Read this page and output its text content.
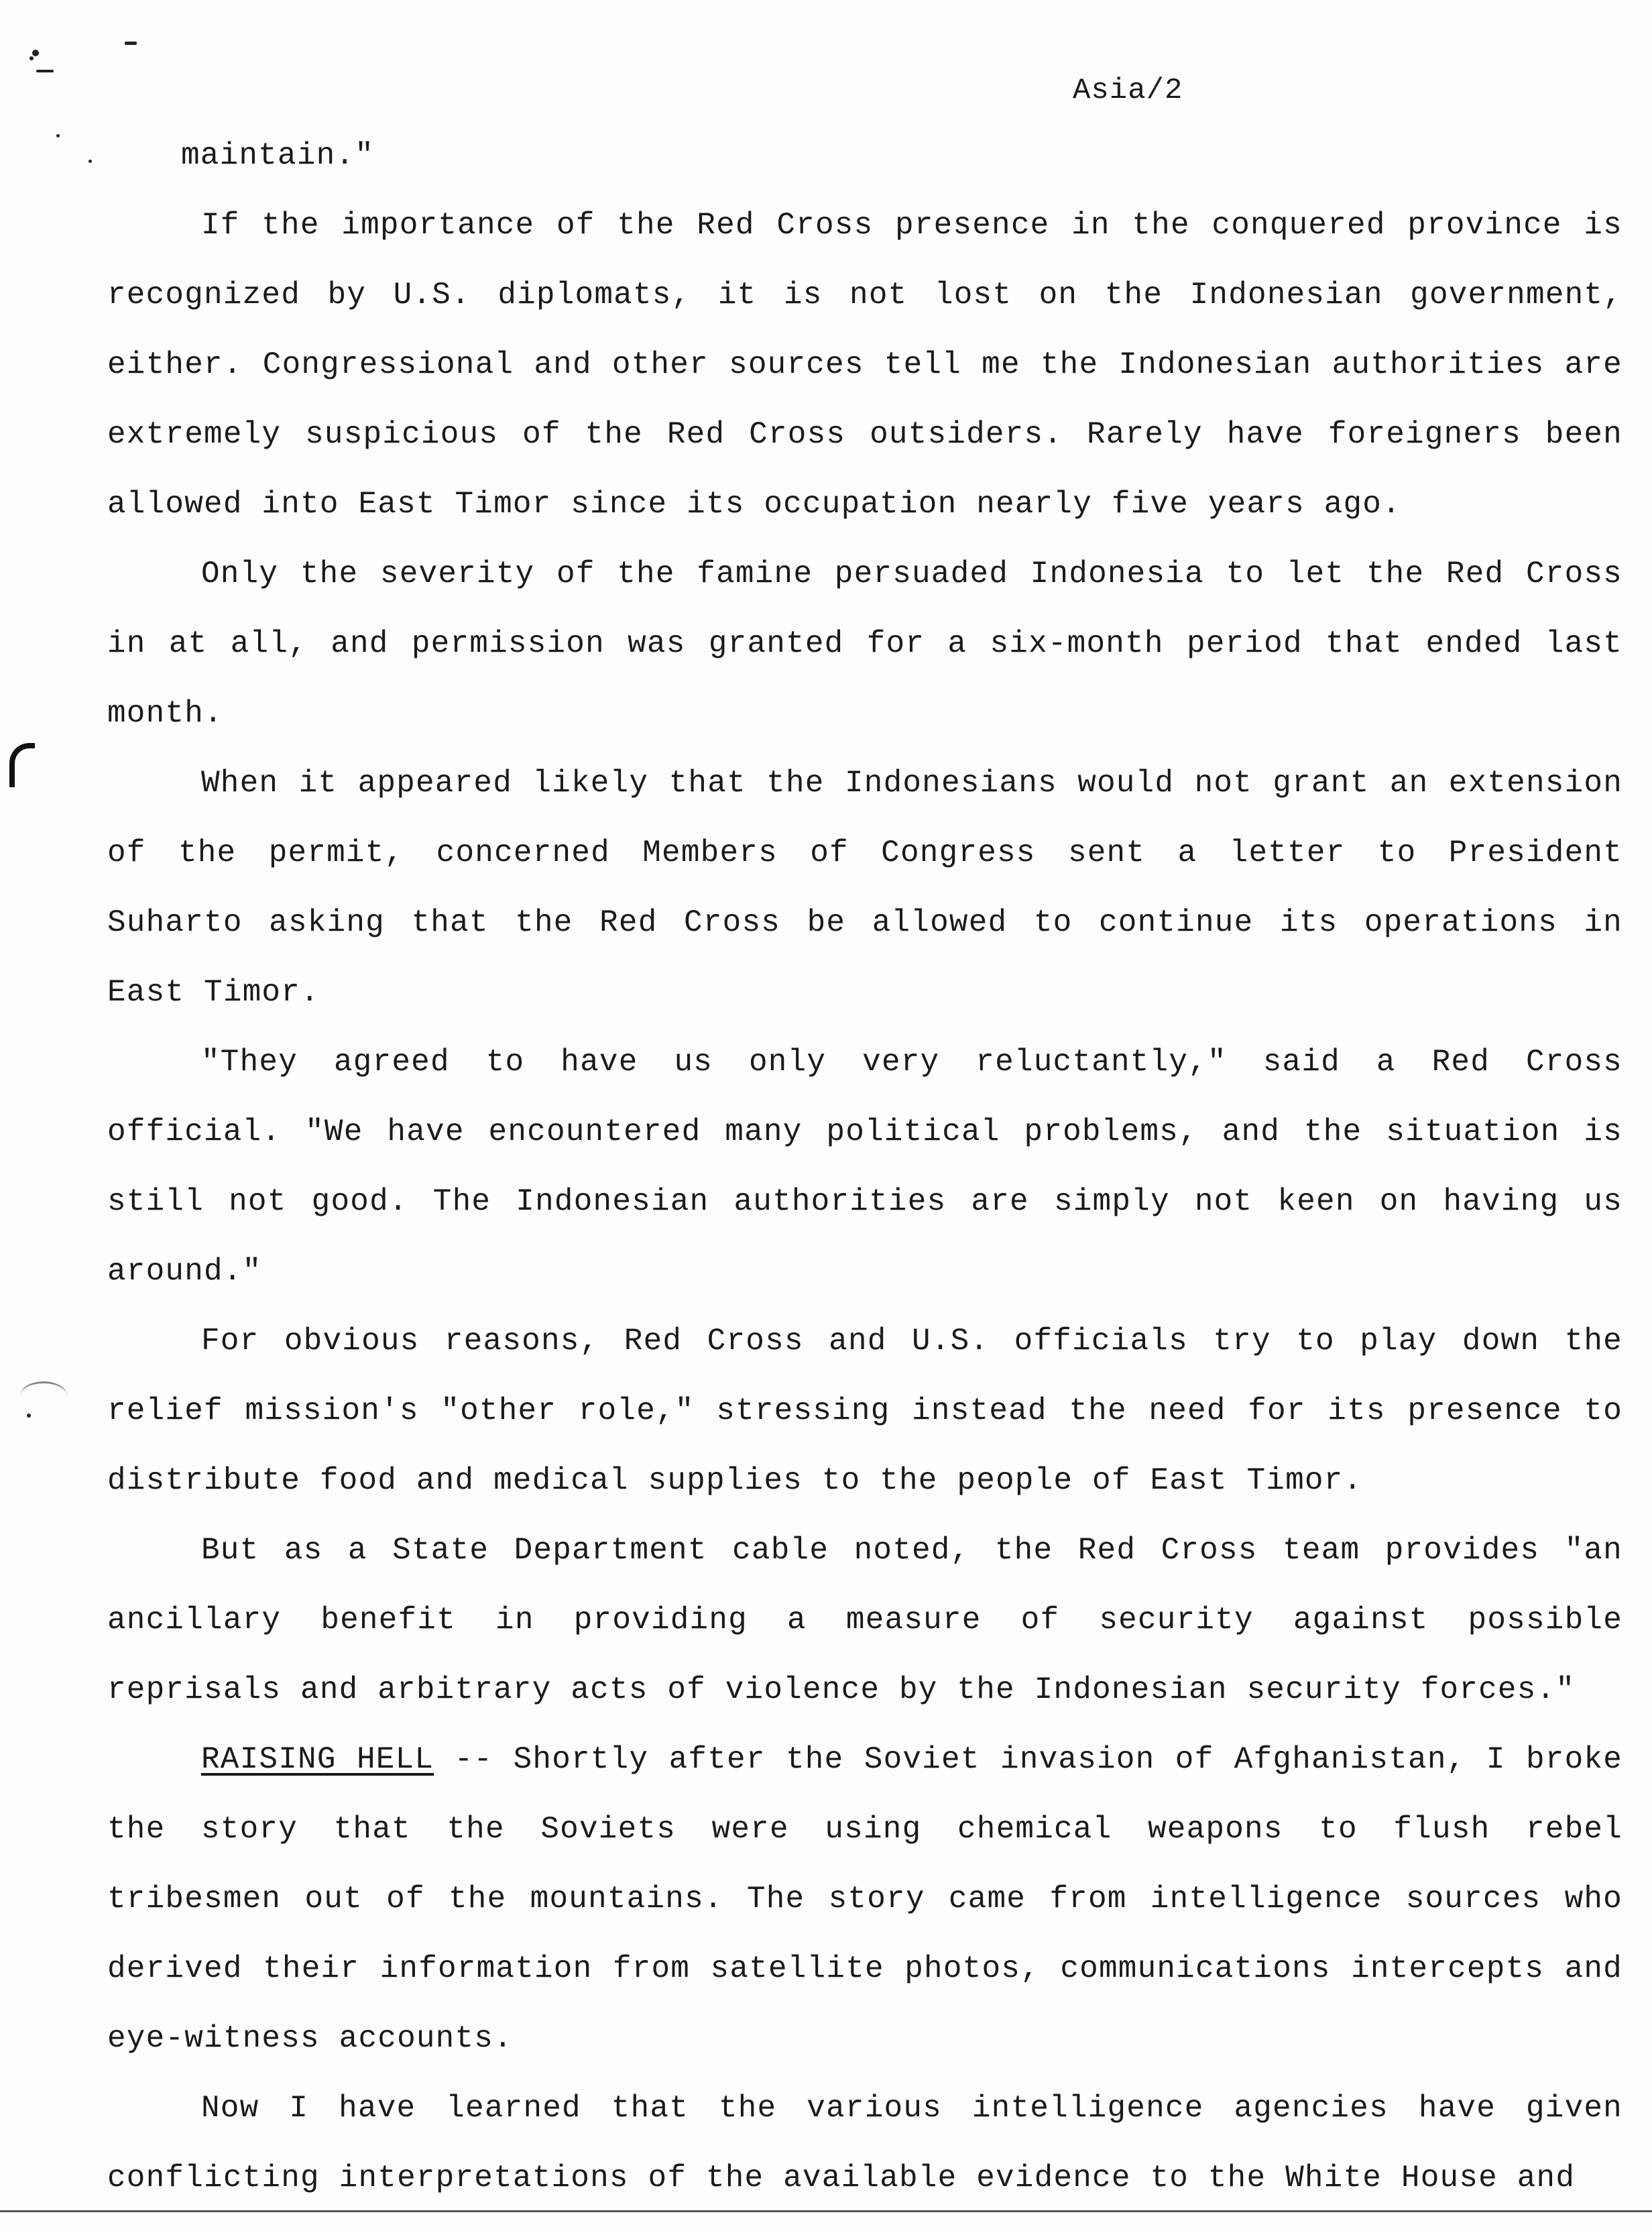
Asia/2

maintain."

If the importance of the Red Cross presence in the conquered province is recognized by U.S. diplomats, it is not lost on the Indonesian government, either. Congressional and other sources tell me the Indonesian authorities are extremely suspicious of the Red Cross outsiders. Rarely have foreigners been allowed into East Timor since its occupation nearly five years ago.

Only the severity of the famine persuaded Indonesia to let the Red Cross in at all, and permission was granted for a six-month period that ended last month.

When it appeared likely that the Indonesians would not grant an extension of the permit, concerned Members of Congress sent a letter to President Suharto asking that the Red Cross be allowed to continue its operations in East Timor.

"They agreed to have us only very reluctantly," said a Red Cross official. "We have encountered many political problems, and the situation is still not good. The Indonesian authorities are simply not keen on having us around."

For obvious reasons, Red Cross and U.S. officials try to play down the relief mission's "other role," stressing instead the need for its presence to distribute food and medical supplies to the people of East Timor.

But as a State Department cable noted, the Red Cross team provides "an ancillary benefit in providing a measure of security against possible reprisals and arbitrary acts of violence by the Indonesian security forces."

RAISING HELL -- Shortly after the Soviet invasion of Afghanistan, I broke the story that the Soviets were using chemical weapons to flush rebel tribesmen out of the mountains. The story came from intelligence sources who derived their information from satellite photos, communications intercepts and eye-witness accounts.

Now I have learned that the various intelligence agencies have given conflicting interpretations of the available evidence to the White House and
